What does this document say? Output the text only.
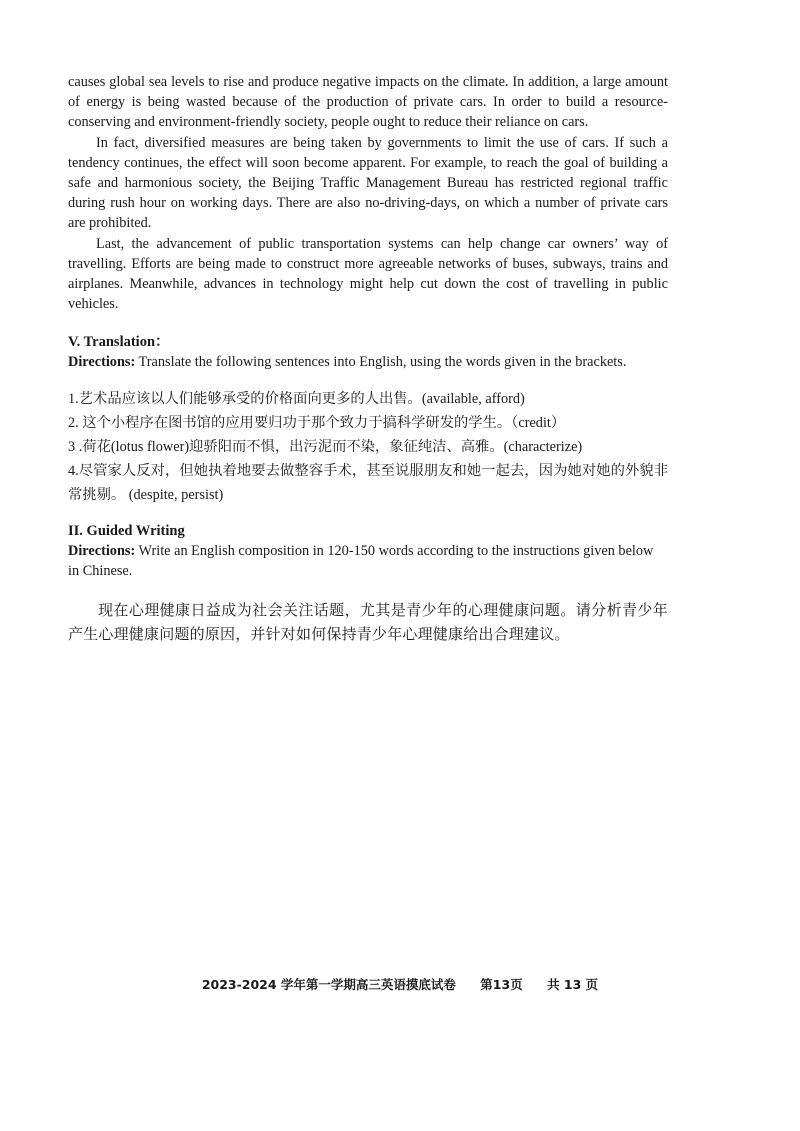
causes global sea levels to rise and produce negative impacts on the climate. In addition, a large amount of energy is being wasted because of the production of private cars. In order to build a resource-conserving and environment-friendly society, people ought to reduce their reliance on cars.

In fact, diversified measures are being taken by governments to limit the use of cars. If such a tendency continues, the effect will soon become apparent. For example, to reach the goal of building a safe and harmonious society, the Beijing Traffic Management Bureau has restricted regional traffic during rush hour on working days. There are also no-driving-days, on which a number of private cars are prohibited.

Last, the advancement of public transportation systems can help change car owners’ way of travelling. Efforts are being made to construct more agreeable networks of buses, subways, trains and airplanes. Meanwhile, advances in technology might help cut down the cost of travelling in public vehicles.

V. Translation：

Directions: Translate the following sentences into English, using the words given in the brackets.

1.艺术品应该以人们能够承受的价格面向更多的人出售。(available, afford)

2. 这个小程序在图书馆的应用要归功于那个致力于搞科学研发的学生。（credit）

3 .荷花(lotus flower)迎骄阳而不惧，出污泥而不染，象征纯洁、高雅。(characterize)

4.尽管家人反对，但她执着地要去做整容手术，甚至说服朋友和她一起去，因为她对她的外貌非常挑剔。 (despite, persist)

II. Guided Writing

Directions: Write an English composition in 120-150 words according to the instructions given below in Chinese.

现在心理健康日益成为社会关注话题，尤其是青少年的心理健康问题。请分析青少年产生心理健康问题的原因，并针对如何保持青少年心理健康给出合理建议。

2023-2024 学年第一学期高三英语摸底试卷 第13页 共 13 页
